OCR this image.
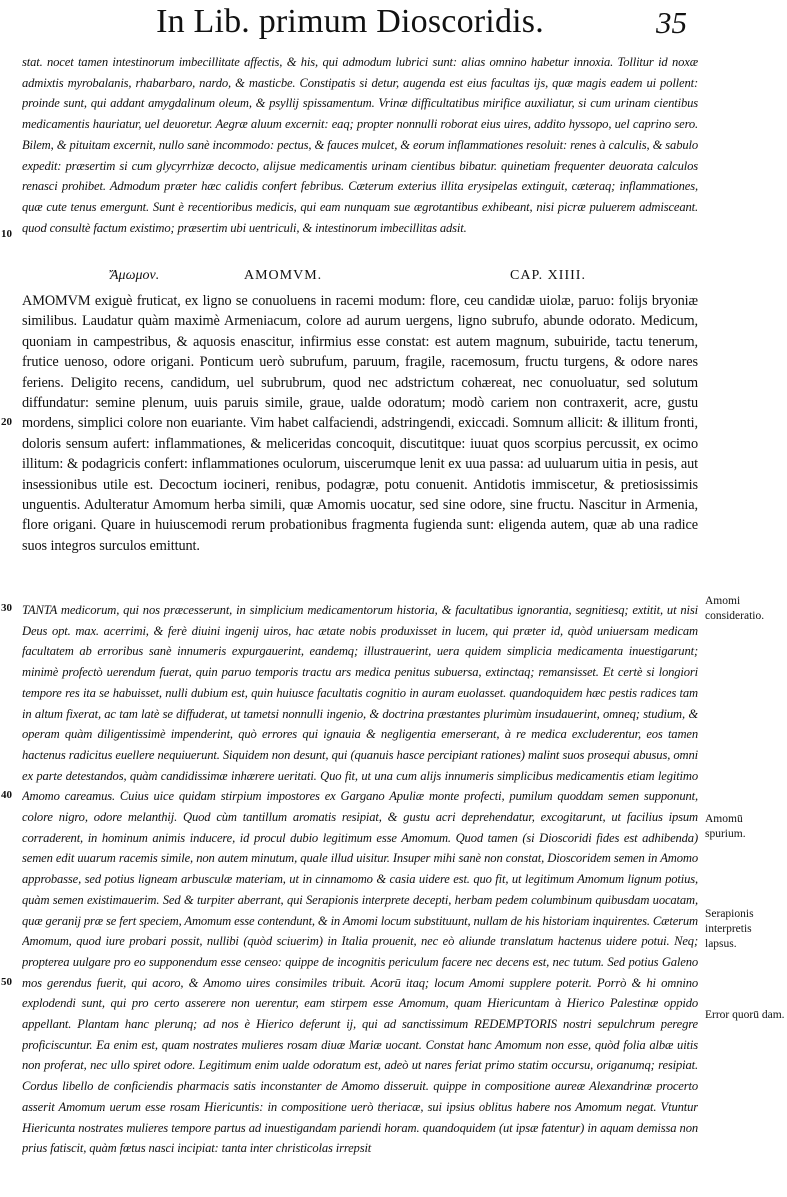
In Lib. primum Dioscoridis.	35
10
20
30
40
50

stat. nocet tamen intestinorum imbecillitate affectis, & his, qui admodum lubrici sunt: alias omnino habetur innoxia. Tollitur id noxæ admixtis myrobalanis, rhabarbaro, nardo, & masticbe. Constipatis si detur, augenda est eius facultas ijs, quæ magis eadem ui pollent: proinde sunt, qui addant amygdalinum oleum, & psyllij spissamentum. Vrinæ difficultatibus mirifice auxiliatur, si cum urinam cientibus medicamentis hauriatur, uel deuoretur. Aegræ aluum excernit: eaq; propter nonnulli roborat eius uires, addito hyssopo, uel caprino sero. Bilem, & pituitam excernit, nullo sanè incommodo: pectus, & fauces mulcet, & eorum inflammationes resoluit: renes à calculis, & sabulo expedit: præsertim si cum glycyrrhizæ decocto, alijsue medicamentis urinam cientibus bibatur. quinetiam frequenter deuorata calculos renasci prohibet. Admodum præter hæc calidis confert febribus. Cæterum exterius illita erysipelas extinguit, cæteraq; inflammationes, quæ cute tenus emergunt. Sunt è recentioribus medicis, qui eam nunquam sue ægrotantibus exhibeant, nisi picræ puluerem admisceant. quod consultè factum existimo; præsertim ubi uentriculi, & intestinorum imbecillitas adsit.

Ἄμωμον.	AMOMVM.	CAP. XIIII.

AMOMVM exiguè fruticat, ex ligno se conuoluens in racemi modum: flore, ceu candidæ uiolæ, paruo: folijs bryoniæ similibus. Laudatur quàm maximè Armeniacum, colore ad aurum uergens, ligno subrufo, abunde odorato. Medicum, quoniam in campestribus, & aquosis enascitur, infirmius esse constat: est autem magnum, subuiride, tactu tenerum, frutice uenoso, odore origani. Ponticum uerò subrufum, paruum, fragile, racemosum, fructu turgens, & odore nares feriens. Deligito recens, candidum, uel subrubrum, quod nec adstrictum cohæreat, nec conuoluatur, sed solutum diffundatur: semine plenum, uuis paruis simile, graue, ualde odoratum; modò cariem non contraxerit, acre, gustu mordens, simplici colore non euariante. Vim habet calfaciendi, adstringendi, exiccadi. Somnum allicit: & illitum fronti, doloris sensum aufert: inflammationes, & meliceridas concoquit, discutitque: iuuat quos scorpius percussit, ex ocimo illitum: & podagricis confert: inflammationes oculorum, uiscerumque lenit ex uua passa: ad uuluarum uitia in pesis, aut insessionibus utile est. Decoctum iocineri, renibus, podagræ, potu conuenit. Antidotis immiscetur, & pretiosissimis unguentis. Adulteratur Amomum herba simili, quæ Amomis uocatur, sed sine odore, sine fructu. Nascitur in Armenia, flore origani. Quare in huiuscemodi rerum probationibus fragmenta fugienda sunt: eligenda autem, quæ ab una radice suos integros surculos emittunt.

TANTA medicorum, qui nos præcesserunt, in simplicium medicamentorum historia, & facultatibus ignorantia, segnitiesq; extitit, ut nisi Deus opt. max. acerrimi, & ferè diuini ingenij uiros, hac ætate nobis produxisset in lucem, qui præter id, quòd uniuersam medicam facultatem ab erroribus sanè innumeris expurgauerint, eandemq; illustrauerint, uera quidem simplicia medicamenta inuestigarunt; minimè profectò uerendum fuerat, quin paruo temporis tractu ars medica penitus subuersa, extinctaq; remansisset. Et certè si longiori tempore res ita se habuisset, nulli dubium est, quin huiusce facultatis cognitio in auram euolasset. quandoquidem hæc pestis radices tam in altum fixerat, ac tam latè se diffuderat, ut tametsi nonnulli ingenio, & doctrina præstantes plurimùm insudauerint, omneq; studium, & operam quàm diligentissimè impenderint, quò errores qui ignauia & negligentia emerserant, à re medica excluderentur, eos tamen hactenus radicitus euellere nequiuerunt. Siquidem non desunt, qui (quanuis hasce percipiant rationes) malint suos prosequi abusus, omni ex parte detestandos, quàm candidissimæ inhærere ueritati. Quo fit, ut una cum alijs innumeris simplicibus medicamentis etiam legitimo Amomo careamus. Cuius uice quidam stirpium impostores ex Gargano Apuliæ monte profecti, pumilum quoddam semen supponunt, colore nigro, odore melanthij. Quod cùm tantillum aromatis resipiat, & gustu acri deprehendatur, excogitarunt, ut facilius ipsum corraderent, in hominum animis inducere, id procul dubio legitimum esse Amomum. Quod tamen (si Dioscoridi fides est adhibenda) semen edit uuarum racemis simile, non autem minutum, quale illud uisitur. Insuper mihi sanè non constat, Dioscoridem semen in Amomo approbasse, sed potius ligneam arbusculæ materiam, ut in cinnamomo & casia uidere est. quo fit, ut legitimum Amomum lignum potius, quàm semen existimauerim. Sed & turpiter aberrant, qui Serapionis interprete decepti, herbam pedem columbinum quibusdam uocatam, quæ geranij præ se fert speciem, Amomum esse contendunt, & in Amomi locum substituunt, nullam de his historiam inquirentes. Cæterum Amomum, quod iure probari possit, nullibi (quòd sciuerim) in Italia prouenit, nec eò aliunde translatum hactenus uidere potui. Neq; propterea uulgare pro eo supponendum esse censeo: quippe de incognitis periculum facere nec decens est, nec tutum. Sed potius Galeno mos gerendus fuerit, qui acoro, & Amomo uires consimiles tribuit. Acorū itaq; locum Amomi supplere poterit. Porrò & hi omnino explodendi sunt, qui pro certo asserere non uerentur, eam stirpem esse Amomum, quam Hiericuntam à Hierico Palestinæ oppido appellant. Plantam hanc plerunq; ad nos è Hierico deferunt ij, qui ad sanctissimum REDEMPTORIS nostri sepulchrum peregre proficiscuntur. Ea enim est, quam nostrates mulieres rosam diuæ Mariæ uocant. Constat hanc Amomum non esse, quòd folia albæ uitis non proferat, nec ullo spiret odore. Legitimum enim ualde odoratum est, adeò ut nares feriat primo statim occursu, origanumq; resipiat. Cordus libello de conficiendis pharmacis satis inconstanter de Amomo disseruit. quippe in compositione aureæ Alexandrinæ procerto asserit Amomum uerum esse rosam Hiericuntis: in compositione uerò theriacæ, sui ipsius oblitus habere nos Amomum negat. Vtuntur Hiericunta nostrates mulieres tempore partus ad inuestigandam pariendi horam. quandoquidem (ut ipsæ fatentur) in aquam demissa non prius fatiscit, quàm fœtus nasci incipiat: tanta inter christicolas irrepsit

Amomi consideratio.
Amomū spurium.
Serapionis interpretis lapsus.
Error quorū dam.
